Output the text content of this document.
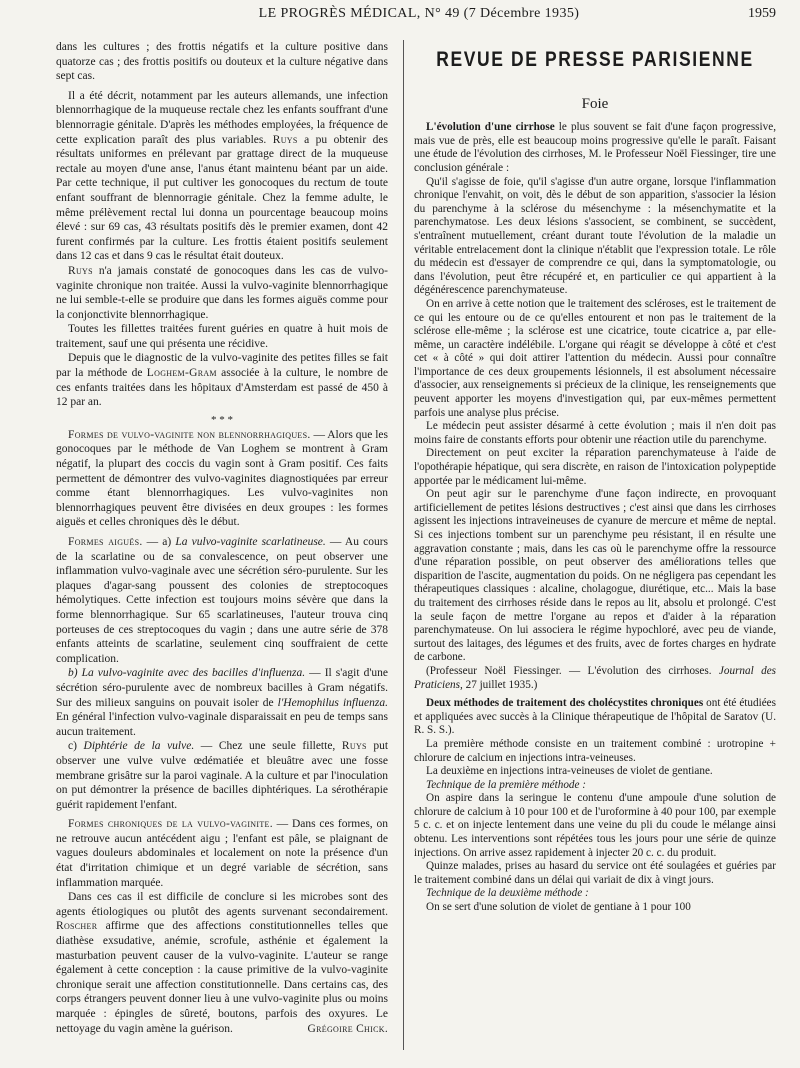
LE PROGRÈS MÉDICAL, N° 49 (7 Décembre 1935)	1959

dans les cultures ; des frottis négatifs et la culture positive dans quatorze cas ; des frottis positifs ou douteux et la culture négative dans sept cas.

Il a été décrit, notamment par les auteurs allemands, une infection blennorrhagique de la muqueuse rectale chez les enfants souffrant d'une blennorragie génitale. D'après les méthodes employées, la fréquence de cette explication paraît des plus variables. Ruys a pu obtenir des résultats uniformes en prélevant par grattage direct de la muqueuse rectale au moyen d'une anse, l'anus étant maintenu béant par un aide. Par cette technique, il put cultiver les gonocoques du rectum de toute enfant souffrant de blennorragie génitale. Chez la femme adulte, le même prélèvement rectal lui donna un pourcentage beaucoup moins élevé : sur 69 cas, 43 résultats positifs dès le premier examen, dont 42 furent confirmés par la culture. Les frottis étaient positifs seulement dans 12 cas et dans 9 cas le résultat était douteux.

Ruys n'a jamais constaté de gonocoques dans les cas de vulvo-vaginite chronique non traitée. Aussi la vulvo-vaginite blennorrhagique ne lui semble-t-elle se produire que dans les formes aiguës comme pour la conjonctivite blennorrhagique.

Toutes les fillettes traitées furent guéries en quatre à huit mois de traitement, sauf une qui présenta une récidive.

Depuis que le diagnostic de la vulvo-vaginite des petites filles se fait par la méthode de Loghem-Gram associée à la culture, le nombre de ces enfants traitées dans les hôpitaux d'Amsterdam est passé de 450 à 12 par an.

* * *

Formes de vulvo-vaginite non blennorrhagiques. — Alors que les gonocoques par le méthode de Van Loghem se montrent à Gram négatif, la plupart des coccis du vagin sont à Gram positif. Ces faits permettent de démontrer des vulvo-vaginites diagnostiquées par erreur comme étant blennorrhagiques. Les vulvo-vaginites non blennorrhagiques peuvent être divisées en deux groupes : les formes aiguës et celles chroniques dès le début.

Formes aiguës. — a) La vulvo-vaginite scarlatineuse. — Au cours de la scarlatine ou de sa convalescence, on peut observer une inflammation vulvo-vaginale avec une sécrétion séro-purulente. Sur les plaques d'agar-sang poussent des colonies de streptocoques hémolytiques. Cette infection est toujours moins sévère que dans la forme blennorrhagique. Sur 65 scarlatineuses, l'auteur trouva cinq porteuses de ces streptocoques du vagin ; dans une autre série de 378 enfants atteints de scarlatine, seulement cinq souffraient de cette complication.

b) La vulvo-vaginite avec des bacilles d'influenza. — Il s'agit d'une sécrétion séro-purulente avec de nombreux bacilles à Gram négatifs. Sur des milieux sanguins on pouvait isoler de l'Hemophilus influenza. En général l'infection vulvo-vaginale disparaissait en peu de temps sans aucun traitement.

c) Diphtérie de la vulve. — Chez une seule fillette, Ruys put observer une vulve vulve œdématiée et bleuâtre avec une fosse membrane grisâtre sur la paroi vaginale. A la culture et par l'inoculation on put démontrer la présence de bacilles diphtériques. La sérothérapie guérit rapidement l'enfant.

Formes chroniques de la vulvo-vaginite. — Dans ces formes, on ne retrouve aucun antécédent aigu ; l'enfant est pâle, se plaignant de vagues douleurs abdominales et localement on note la présence d'un état d'irritation chimique et un degré variable de sécrétion, sans inflammation marquée.

Dans ces cas il est difficile de conclure si les microbes sont des agents étiologiques ou plutôt des agents survenant secondairement. Roscher affirme que des affections constitutionnelles telles que diathèse exsudative, anémie, scrofule, asthénie et également la masturbation peuvent causer de la vulvo-vaginite. L'auteur se range également à cette conception : la cause primitive de la vulvo-vaginite chronique serait une affection constitutionnelle. Dans certains cas, des corps étrangers peuvent donner lieu à une vulvo-vaginite plus ou moins marquée : épingles de sûreté, boutons, parfois des oxyures. Le nettoyage du vagin amène la guérison.	Grégoire Chick.

REVUE DE PRESSE PARISIENNE
Foie

L'évolution d'une cirrhose le plus souvent se fait d'une façon progressive, mais vue de près, elle est beaucoup moins progressive qu'elle le paraît. Faisant une étude de l'évolution des cirrhoses, M. le Professeur Noël Fiessinger, tire une conclusion générale :

Qu'il s'agisse de foie, qu'il s'agisse d'un autre organe, lorsque l'inflammation chronique l'envahit, on voit, dès le début de son apparition, s'associer la lésion du parenchyme à la sclérose du mésenchyme : la mésenchymatite et la parenchymatose. Les deux lésions s'associent, se combinent, se succèdent, s'entraînent mutuellement, créant durant toute l'évolution de la maladie un véritable entrelacement dont la clinique n'établit que l'expression totale. Le rôle du médecin est d'essayer de comprendre ce qui, dans la symptomatologie, ou dans l'évolution, peut être récupéré et, en particulier ce qui appartient à la dégénérescence parenchymateuse.

On en arrive à cette notion que le traitement des scléroses, est le traitement de ce qui les entoure ou de ce qu'elles entourent et non pas le traitement de la sclérose elle-même ; la sclérose est une cicatrice, toute cicatrice a, par elle-même, un caractère indélébile. L'organe qui réagit se développe à côté et c'est cet « à côté » qui doit attirer l'attention du médecin. Aussi pour connaître l'importance de ces deux groupements lésionnels, il est absolument nécessaire d'associer, aux renseignements si précieux de la clinique, les renseignements que peuvent apporter les moyens d'investigation qui, par eux-mêmes permettent parfois une analyse plus précise.

Le médecin peut assister désarmé à cette évolution ; mais il n'en doit pas moins faire de constants efforts pour obtenir une réaction utile du parenchyme.

Directement on peut exciter la réparation parenchymateuse à l'aide de l'opothérapie hépatique, qui sera discrète, en raison de l'intoxication polypeptide apportée par le médicament lui-même.

On peut agir sur le parenchyme d'une façon indirecte, en provoquant artificiellement de petites lésions destructives ; c'est ainsi que dans les cirrhoses agissent les injections intraveineuses de cyanure de mercure et même de neptal. Si ces injections tombent sur un parenchyme peu résistant, il en résulte une aggravation constante ; mais, dans les cas où le parenchyme offre la ressource d'une réparation possible, on peut observer des améliorations telles que disparition de l'ascite, augmentation du poids. On ne négligera pas cependant les thérapeutiques classiques : alcaline, cholagogue, diurétique, etc... Mais la base du traitement des cirrhoses réside dans le repos au lit, absolu et prolongé. C'est la seule façon de mettre l'organe au repos et d'aider à la réparation parenchymateuse. On lui associera le régime hypochloré, avec peu de viande, surtout des laitages, des légumes et des fruits, avec de fortes charges en hydrate de carbone.

(Professeur Noël Fiessinger. — L'évolution des cirrhoses. Journal des Praticiens, 27 juillet 1935.)

Deux méthodes de traitement des cholécystites chroniques ont été étudiées et appliquées avec succès à la Clinique thérapeutique de l'hôpital de Saratov (U. R. S. S.).

La première méthode consiste en un traitement combiné : urotropine + chlorure de calcium en injections intra-veineuses.

La deuxième en injections intra-veineuses de violet de gentiane.

Technique de la première méthode :

On aspire dans la seringue le contenu d'une ampoule d'une solution de chlorure de calcium à 10 pour 100 et de l'uroformine à 40 pour 100, par exemple 5 c. c. et on injecte lentement dans une veine du pli du coude le mélange ainsi obtenu. Les interventions sont répétées tous les jours pour une série de quinze injections. On arrive assez rapidement à injecter 20 c. c. du produit.

Quinze malades, prises au hasard du service ont été soulagées et guéries par le traitement combiné dans un délai qui variait de dix à vingt jours.

Technique de la deuxième méthode :

On se sert d'une solution de violet de gentiane à 1 pour 100
